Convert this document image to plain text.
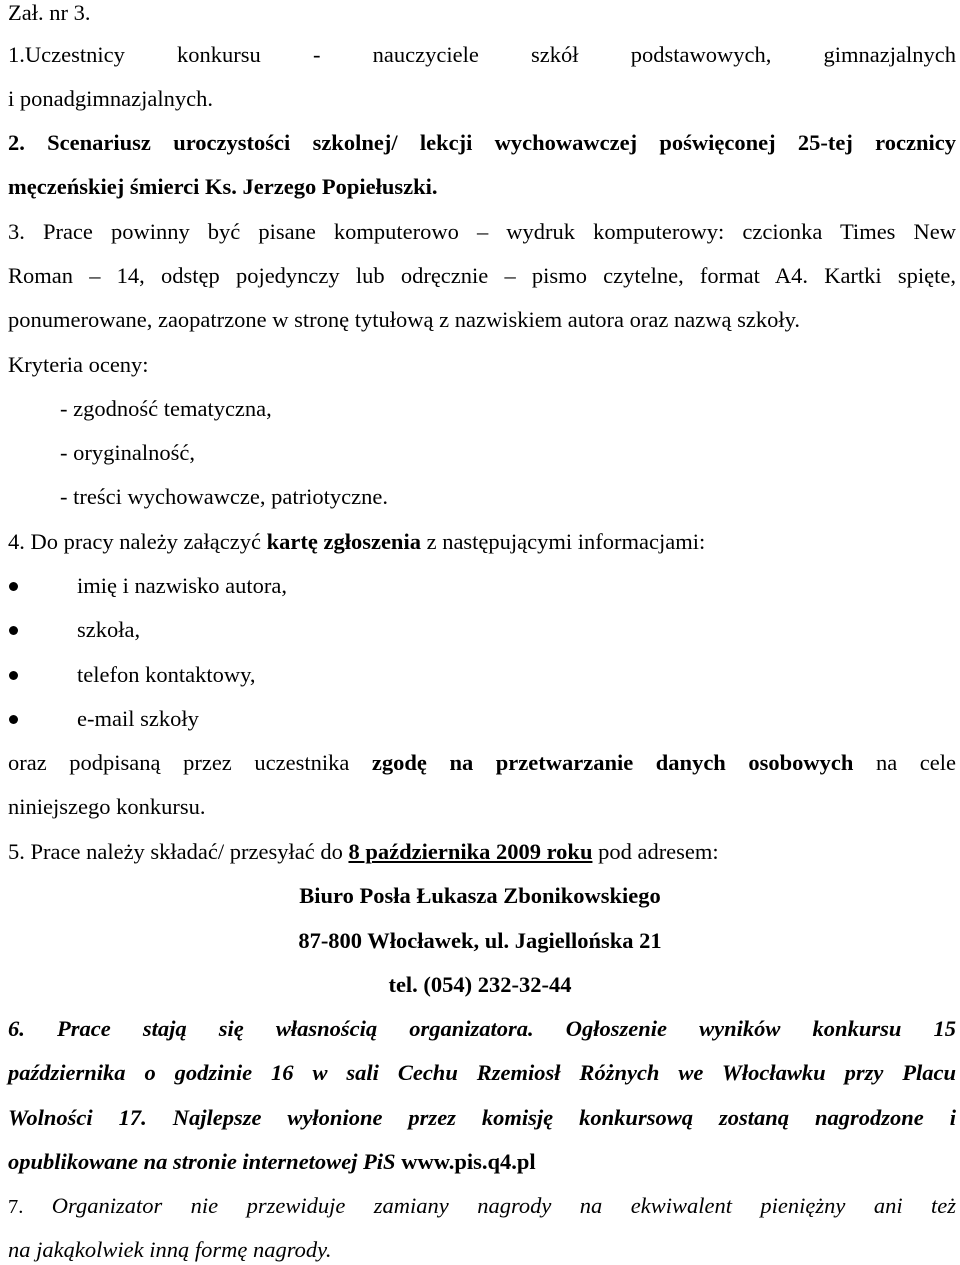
Zał. nr 3.
1.Uczestnicy konkursu - nauczyciele szkół podstawowych, gimnazjalnych
i ponadgimnazjalnych.
2. Scenariusz uroczystości szkolnej/ lekcji wychowawczej poświęconej 25-tej rocznicy
męczeńskiej śmierci Ks. Jerzego Popiełuszki.
3. Prace powinny być pisane komputerowo – wydruk komputerowy: czcionka Times New
Roman – 14, odstęp pojedynczy lub odręcznie – pismo czytelne, format A4. Kartki spięte,
ponumerowane, zaopatrzone w stronę tytułową z nazwiskiem autora oraz nazwą szkoły.
Kryteria oceny:
- zgodność tematyczna,
- oryginalność,
- treści wychowawcze, patriotyczne.
4. Do pracy należy załączyć kartę zgłoszenia z następującymi informacjami:
imię i nazwisko autora,
szkoła,
telefon kontaktowy,
e-mail szkoły
oraz podpisaną przez uczestnika zgodę na przetwarzanie danych osobowych na cele
niniejszego konkursu.
5. Prace należy składać/ przesyłać do 8 października 2009 roku pod adresem:
Biuro Posła Łukasza Zbonikowskiego
87-800 Włocławek, ul. Jagiellońska 21
tel. (054) 232-32-44
6. Prace stają się własnością organizatora. Ogłoszenie wyników konkursu 15
października o godzinie 16 w sali Cechu Rzemiosł Różnych we Włocławku przy Placu
Wolności 17. Najlepsze wyłonione przez komisję konkursową zostaną nagrodzone i
opublikowane na stronie internetowej PiS www.pis.q4.pl
7. Organizator nie przewiduje zamiany nagrody na ekwiwalent pieniężny ani też
na jakąkolwiek inną formę nagrody.
